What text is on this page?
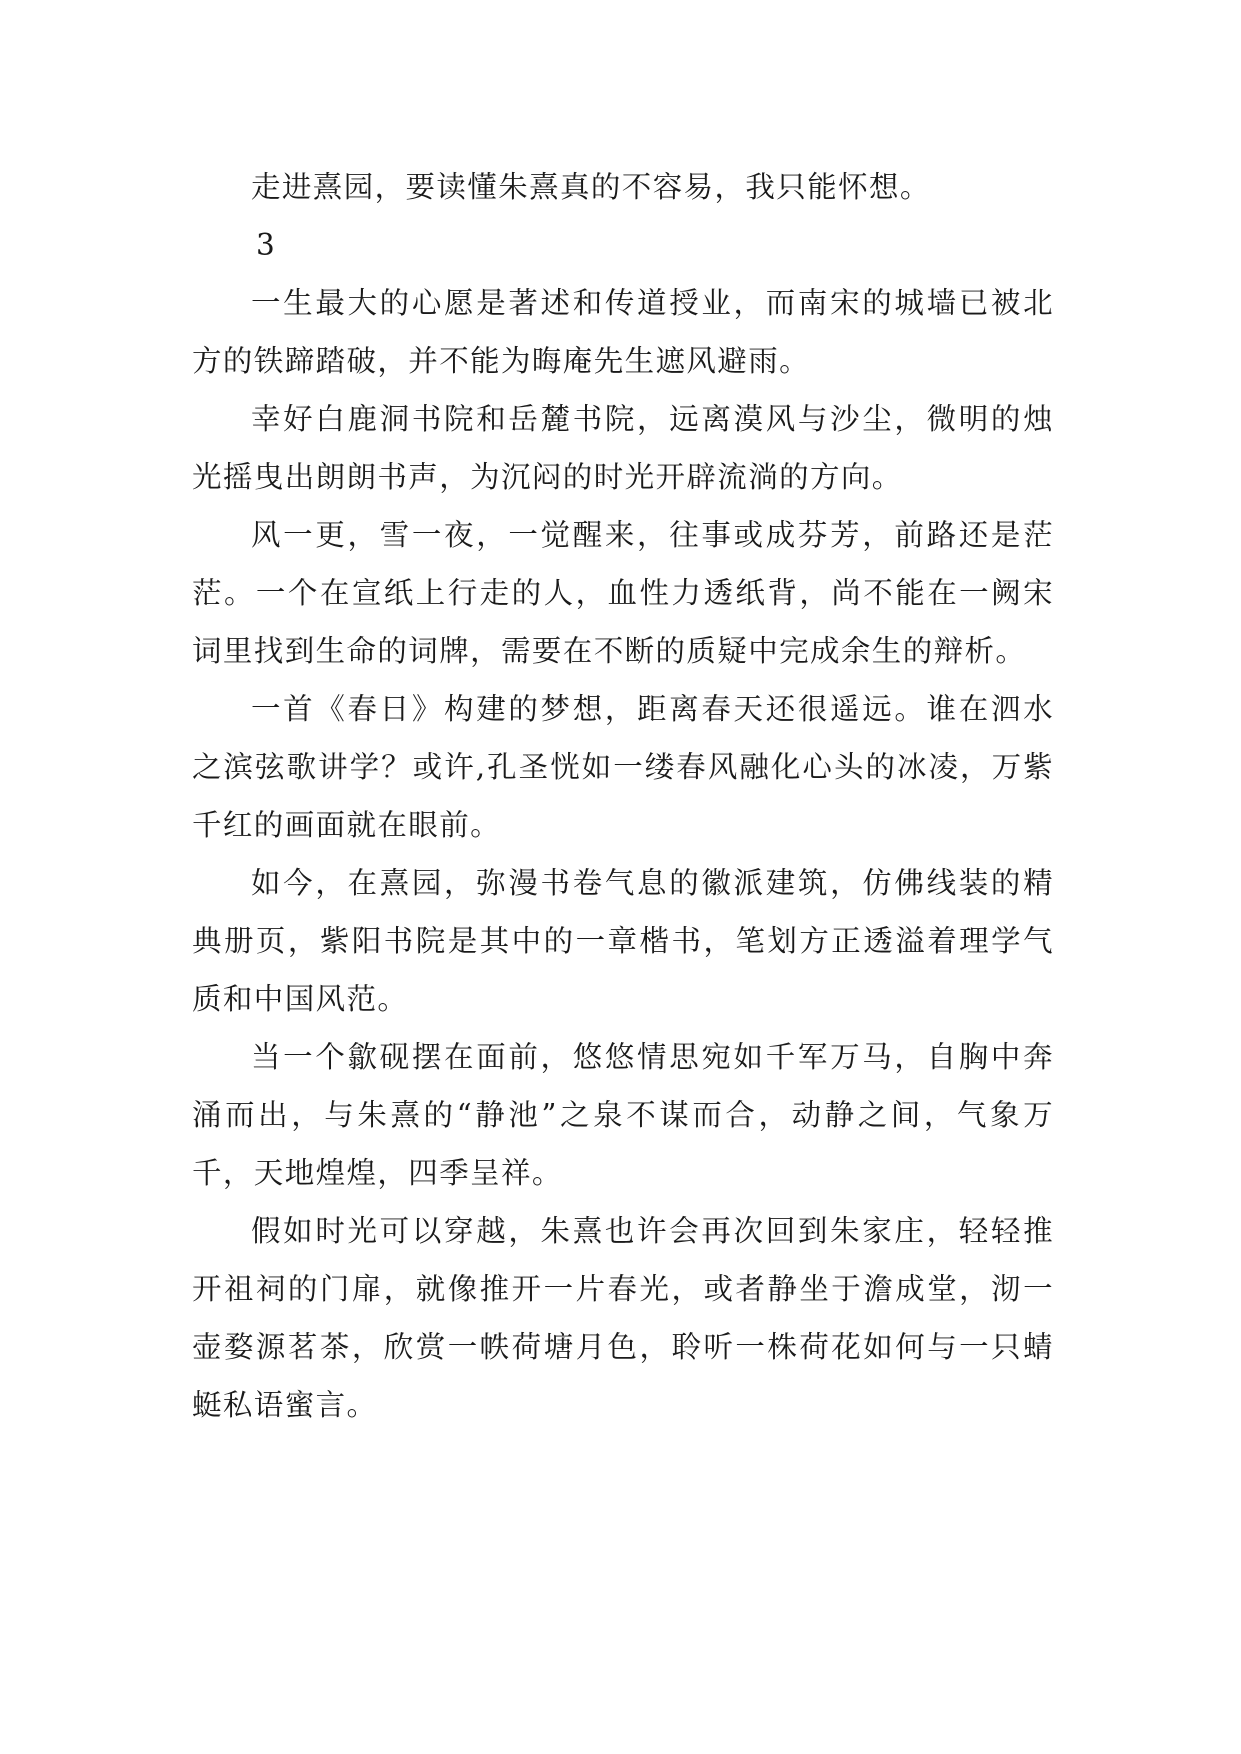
走进熹园，要读懂朱熹真的不容易，我只能怀想。

3

一生最大的心愿是著述和传道授业，而南宋的城墙已被北方的铁蹄踏破，并不能为晦庵先生遮风避雨。

幸好白鹿洞书院和岳麓书院，远离漠风与沙尘，微明的烛光摇曳出朗朗书声，为沉闷的时光开辟流淌的方向。

风一更，雪一夜，一觉醒来，往事或成芬芳，前路还是茫茫。一个在宣纸上行走的人，血性力透纸背，尚不能在一阙宋词里找到生命的词牌，需要在不断的质疑中完成余生的辩析。

一首《春日》构建的梦想，距离春天还很遥远。谁在泗水之滨弦歌讲学？或许,孔圣恍如一缕春风融化心头的冰凌，万紫千红的画面就在眼前。

如今，在熹园，弥漫书卷气息的徽派建筑，仿佛线装的精典册页，紫阳书院是其中的一章楷书，笔划方正透溢着理学气质和中国风范。

当一个歙砚摆在面前，悠悠情思宛如千军万马，自胸中奔涌而出，与朱熹的“静池”之泉不谋而合，动静之间，气象万千，天地煌煌，四季呈祥。

假如时光可以穿越，朱熹也许会再次回到朱家庄，轻轻推开祖祠的门扉，就像推开一片春光，或者静坐于澹成堂，沏一壶婺源茗茶，欣赏一帙荷塘月色，聆听一株荷花如何与一只蜻蜓私语蜜言。
